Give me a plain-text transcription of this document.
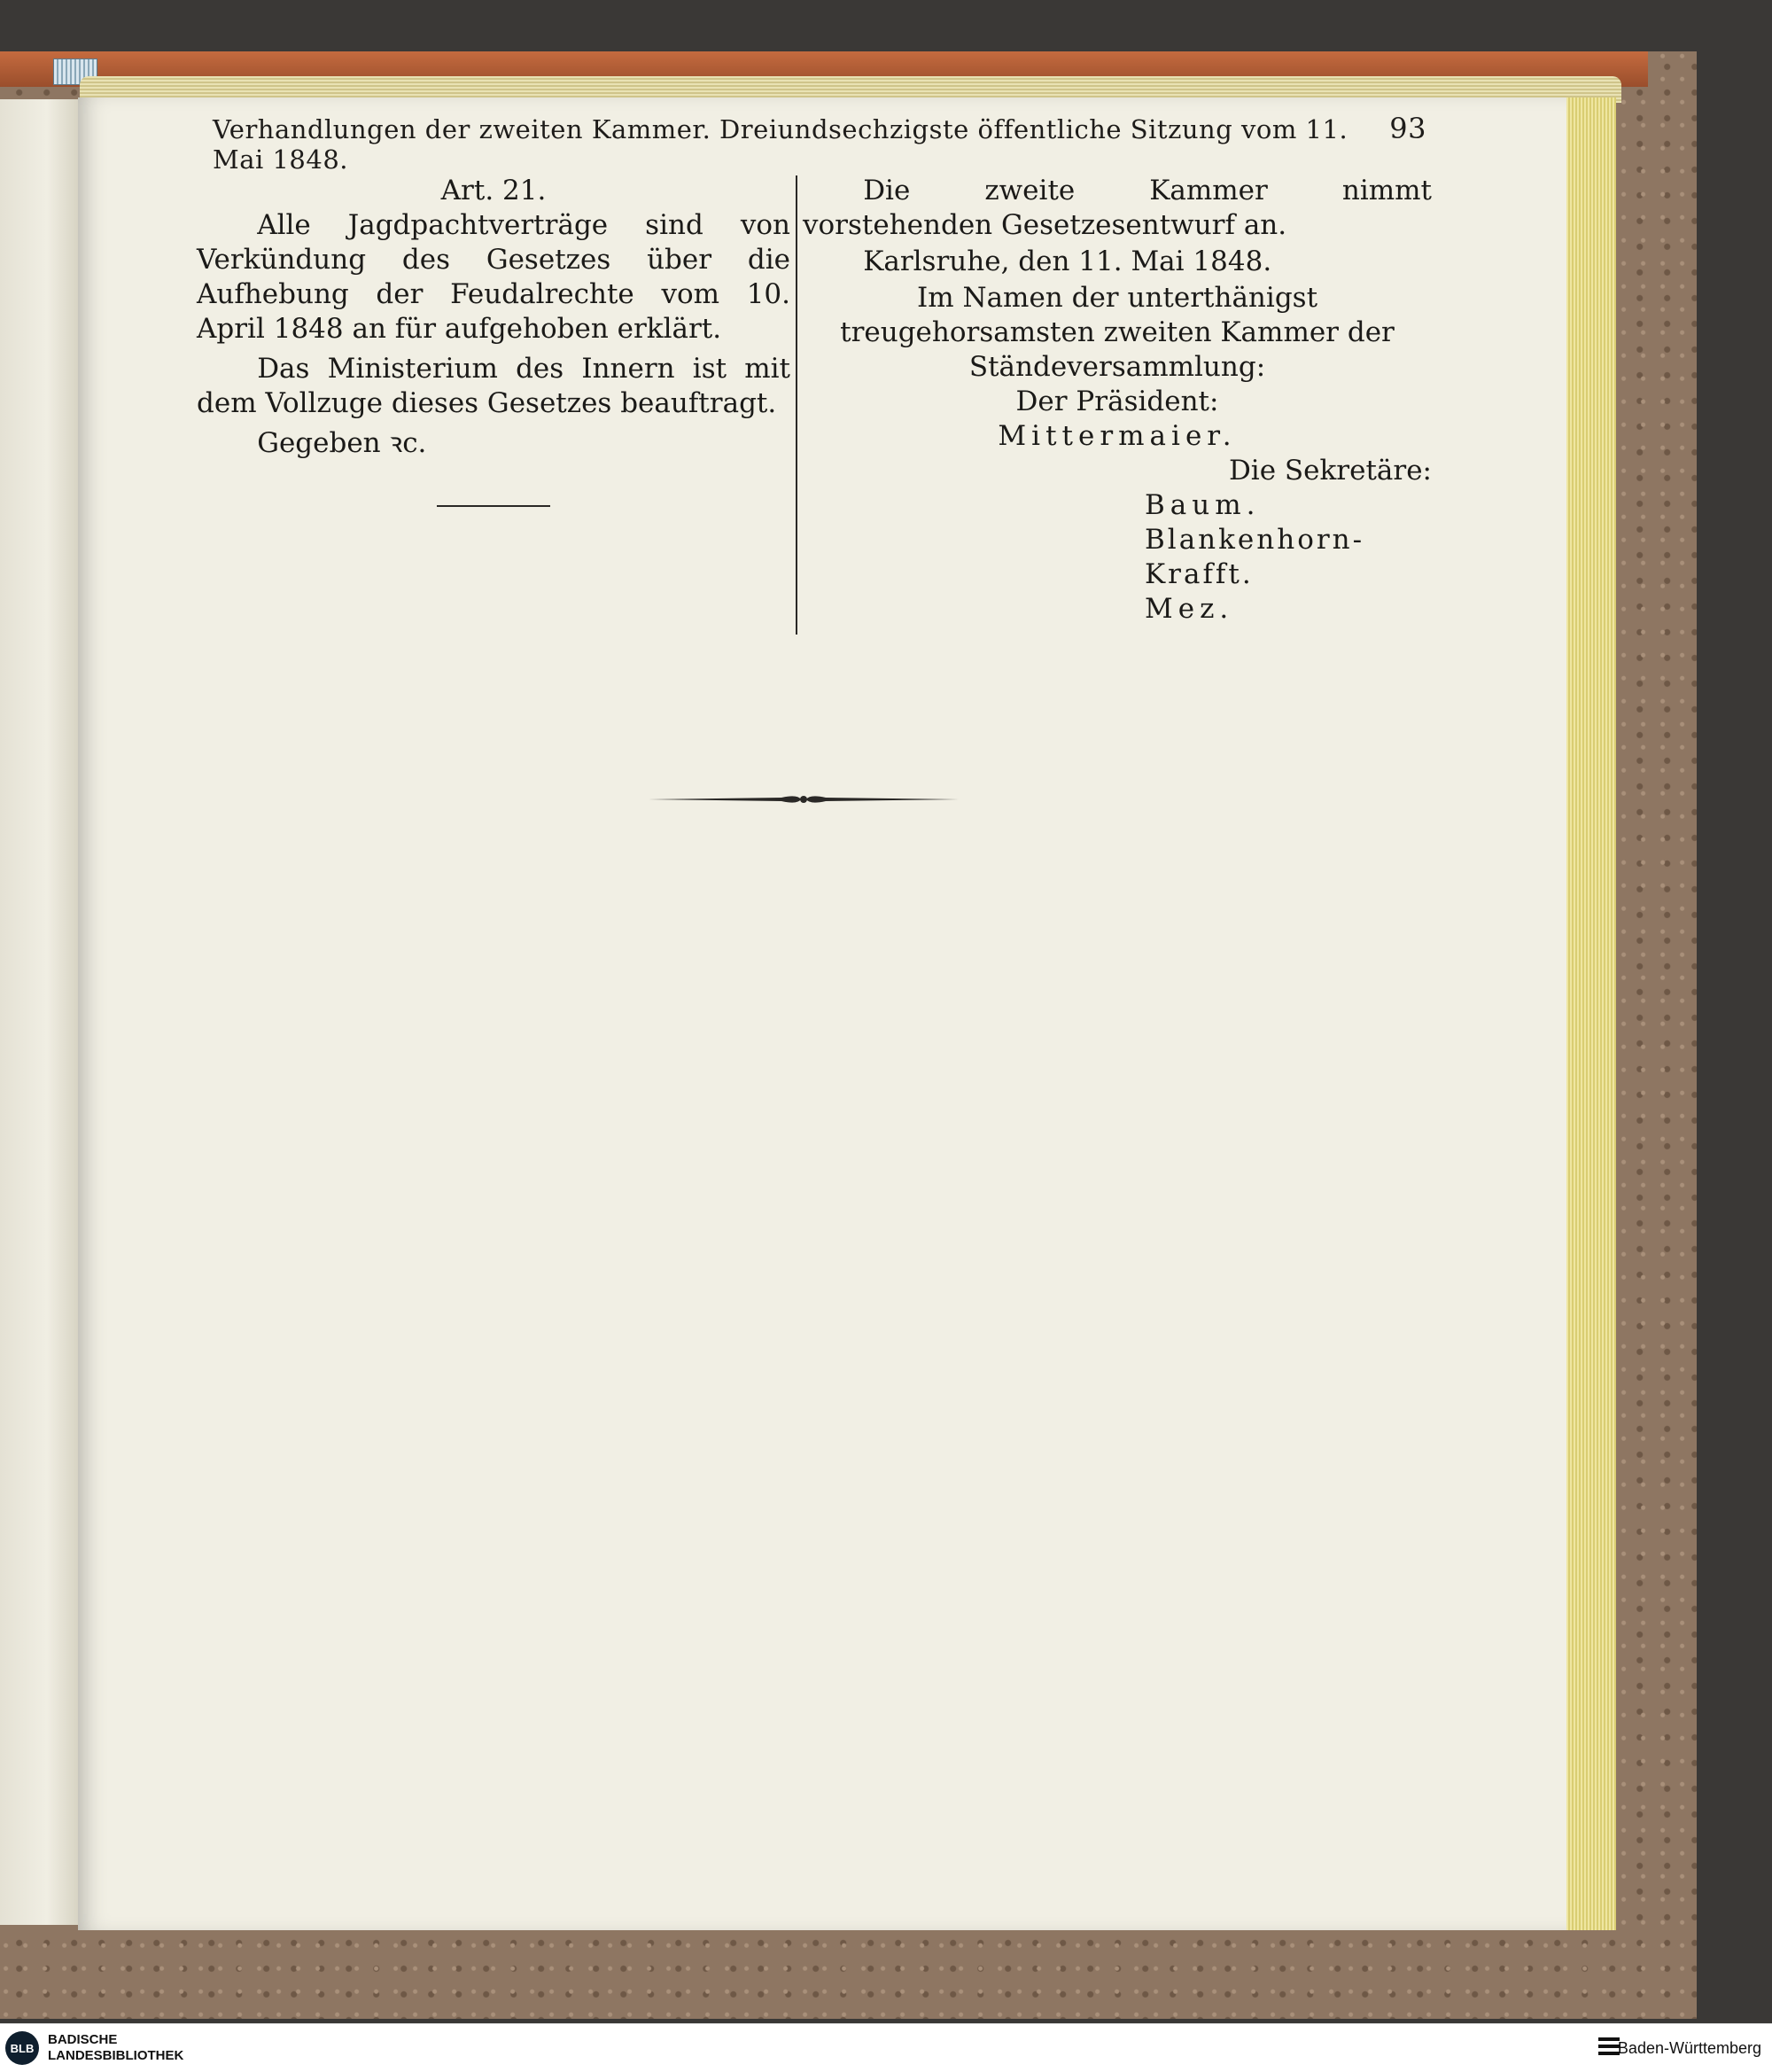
Verhandlungen der zweiten Kammer. Dreiundsechzigste öffentliche Sitzung vom 11. Mai 1848.
93

Art. 21.

Alle Jagdpachtverträge sind von Verkündung des Gesetzes über die Aufhebung der Feudalrechte vom 10. April 1848 an für aufgehoben erklärt.

Das Ministerium des Innern ist mit dem Vollzuge dieses Gesetzes beauftragt.

Gegeben ꝛc.

Die zweite Kammer nimmt vorstehenden Gesetzesentwurf an.

Karlsruhe, den 11. Mai 1848.

Im Namen der unterthänigst treugehorsamsten zweiten Kammer der Ständeversammlung:

Der Präsident:

Mittermaier.

Die Sekretäre:

Baum.

Blankenhorn-Krafft.

Mez.

BLB
BADISCHE
LANDESBIBLIOTHEK	Baden-Württemberg
